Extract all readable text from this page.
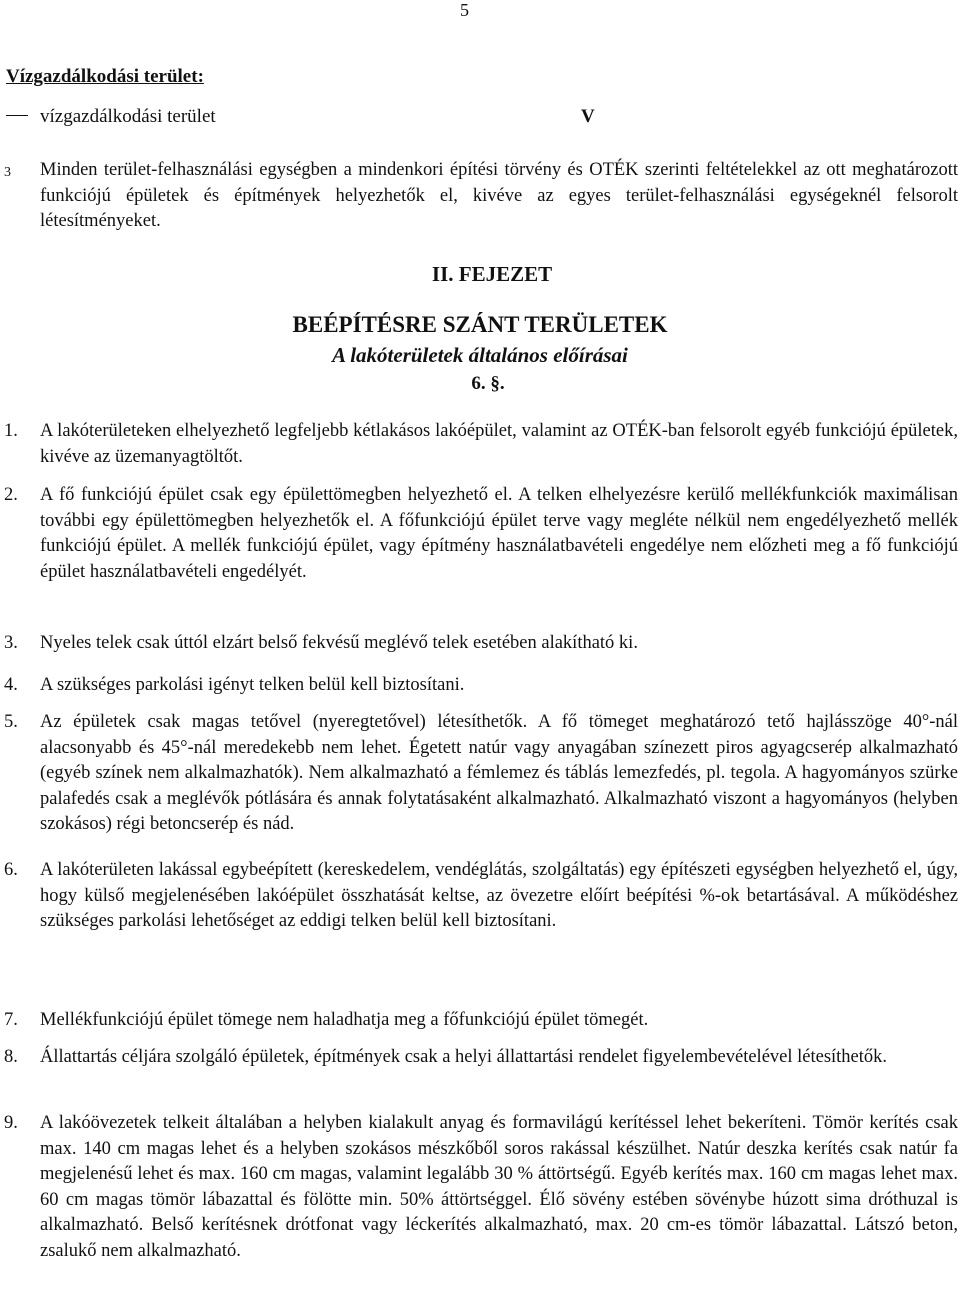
5
Vízgazdálkodási terület:
vízgazdálkodási terület	V
3 Minden terület-felhasználási egységben a mindenkori építési törvény és OTÉK szerinti feltételekkel az ott meghatározott funkciójú épületek és építmények helyezhetők el, kivéve az egyes terület-felhasználási egységeknél felsorolt létesítményeket.
II. FEJEZET
BEÉPÍTÉSRE SZÁNT TERÜLETEK
A lakóterületek általános előírásai
6. §.
1. A lakóterületeken elhelyezhető legfeljebb kétlakásos lakóépület, valamint az OTÉK-ban felsorolt egyéb funkciójú épületek, kivéve az üzemanyagtöltőt.
2. A fő funkciójú épület csak egy épülettömegben helyezhető el. A telken elhelyezésre kerülő mellékfunkciók maximálisan további egy épülettömegben helyezhetők el. A főfunkciójú épület terve vagy megléte nélkül nem engedélyezhető mellék funkciójú épület. A mellék funkciójú épület, vagy építmény használatbavételi engedélye nem előzheti meg a fő funkciójú épület használatbavételi engedélyét.
3. Nyeles telek csak úttól elzárt belső fekvésű meglévő telek esetében alakítható ki.
4. A szükséges parkolási igényt telken belül kell biztosítani.
5. Az épületek csak magas tetővel (nyeregtetővel) létesíthetők. A fő tömeget meghatározó tető hajlásszöge 40°-nál alacsonyabb és 45°-nál meredekebb nem lehet. Égetett natúr vagy anyagában színezett piros agyagcserép alkalmazható (egyéb színek nem alkalmazhatók). Nem alkalmazható a fémlemez és táblás lemezfedés, pl. tegola. A hagyományos szürke palafedés csak a meglévők pótlására és annak folytatásaként alkalmazható. Alkalmazható viszont a hagyományos (helyben szokásos) régi betoncserép és nád.
6. A lakóterületen lakással egybeépített (kereskedelem, vendéglátás, szolgáltatás) egy építészeti egységben helyezhető el, úgy, hogy külső megjelenésében lakóépület összhatását keltse, az övezetre előírt beépítési %-ok betartásával. A működéshez szükséges parkolási lehetőséget az eddigi telken belül kell biztosítani.
7. Mellékfunkciójú épület tömege nem haladhatja meg a főfunkciójú épület tömegét.
8. Állattartás céljára szolgáló épületek, építmények csak a helyi állattartási rendelet figyelembevételével létesíthetők.
9. A lakóövezetek telkeit általában a helyben kialakult anyag és formavilágú kerítéssel lehet bekeríteni. Tömör kerítés csak max. 140 cm magas lehet és a helyben szokásos mészkőből soros rakással készülhet. Natúr deszka kerítés csak natúr fa megjelenésű lehet és max. 160 cm magas, valamint legalább 30 % áttörtségű. Egyéb kerítés max. 160 cm magas lehet max. 60 cm magas tömör lábazattal és fölötte min. 50% áttörtséggel. Élő sövény estében sövénybe húzott sima dróthuzal is alkalmazható. Belső kerítésnek drótfonat vagy léckerítés alkalmazható, max. 20 cm-es tömör lábazattal. Látszó beton, zsalukő nem alkalmazható.
